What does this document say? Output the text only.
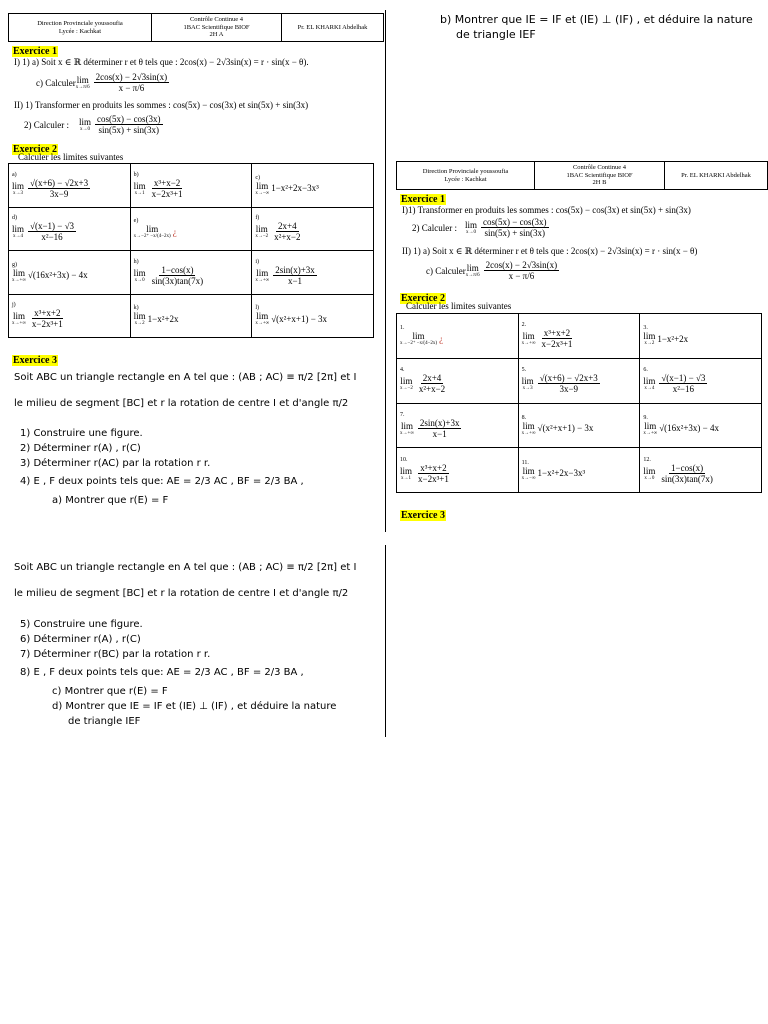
Direction Provinciale youssoufia
Lycée : Kachkat
Contrôle Continue 4
1BAC Scientifique BIOF
2H A
Pr. EL KHARKI Abdelhak
Exercice 1
I) 1) a) Soit x ∈ ℝ déterminer r et θ tels que : 2cos(x) − 2√3sin(x) = r · sin(x − θ).
c) Calculer lim
$x\to\pi/6 \frac{2\cos(x) - 2√3\sin(x)}{x - \pi/6}$
II) 1) Transformer en produits les sommes : cos(5x) − cos(3x) et sin(5x) + sin(3x)
2) Calculer : lim
$x\to 0 \frac{\cos(5x) - \cos(3x)}{\sin(5x) + \sin(3x)}$
Exercice 2
Calculer les limites suivantes
a)
lim
$x\to 3 \frac{√(x+6) - √2x+3}{3x-9}$	b)
lim
$x\to 1 \frac{\text{x³+x−2}}{\text{x−2x³+1}}$	c)
lim
x→−∞ 1−x²+2x−3x³

d)
lim
$x\to 4 \frac{√(x-1) - √3}{\text{x²−16}}$	e)
lim
x→−2⁺ −x/(4−2x) ¿	f)
lim
$x\to-2 \frac{2x+4}{\text{x²+x−2}}$

g)
lim
x→+∞ √(16x²+3x) − 4x	h)
lim
$x\to 0 \frac{1-\cos(x)}{\sin(3x)\tan(7x)}$	i)
lim
$x\to+\infty \frac{2\sin(x)+3x}{x-1}$

j)
lim
$x\to+\infty \frac{\text{x³+x+2}}{\text{x−2x³+1}}$	k)
lim
x→2 1−x²+2x	l)
lim
x→+∞ √(x²+x+1) − 3x
Exercice 3
Soit ABC un triangle rectangle en A tel que : (AB ; AC) ≡ π/2 [2π] et I
le milieu de segment [BC] et r la rotation de centre I et d'angle π/2
1) Construire une figure.
2) Déterminer r(A) , r(C)
3) Déterminer r(AC) par la rotation r r.
4) E , F deux points tels que: AE = 2/3 AC , BF = 2/3 BA ,
a) Montrer que r(E) = F
b) Montrer que IE = IF et (IE) ⊥ (IF) , et déduire la nature
de triangle IEF
Direction Provinciale youssoufia
Lycée : Kachkat
Contrôle Continue 4
1BAC Scientifique BIOF
2H B
Pr. EL KHARKI Abdelhak
Exercice 1
I)1) Transformer en produits les sommes : cos(5x) − cos(3x) et sin(5x) + sin(3x)
2) Calculer : lim
$x\to 0 \frac{\cos(5x) - \cos(3x)}{\sin(5x) + \sin(3x)}$
II) 1) a) Soit x ∈ ℝ déterminer r et θ tels que : 2cos(x) − 2√3sin(x) = r · sin(x − θ)
c) Calculer lim
$x\to\pi/6 \frac{2\cos(x) - 2√3\sin(x)}{x - \pi/6}$
Exercice 2
Calculer les limites suivantes
1.
lim
x→−2⁺ −x/(4−2x) ¿	2.
lim
$x\to+\infty \frac{\text{x³+x+2}}{\text{x−2x³+1}}$	3.
lim
x→2 1−x²+2x

4.
lim
$x\to-2 \frac{2x+4}{\text{x²+x−2}}$	5.
lim
$x\to 3 \frac{√(x+6) - √2x+3}{3x-9}$	6.
lim
$x\to 4 \frac{√(x-1) - √3}{\text{x²−16}}$

7.
lim
$x\to+\infty \frac{2\sin(x)+3x}{x-1}$	8.
lim
x→+∞ √(x²+x+1) − 3x	9.
lim
x→+∞ √(16x²+3x) − 4x

10.
lim
$x\to 1 \frac{\text{x³+x+2}}{\text{x−2x³+1}}$	11.
lim
x→−∞ 1−x²+2x−3x³	12.
lim
$x\to 0 \frac{1-\cos(x)}{\sin(3x)\tan(7x)}$
Exercice 3
Soit ABC un triangle rectangle en A tel que : (AB ; AC) ≡ π/2 [2π] et I
le milieu de segment [BC] et r la rotation de centre I et d'angle π/2
5) Construire une figure.
6) Déterminer r(A) , r(C)
7) Déterminer r(BC) par la rotation r r.
8) E , F deux points tels que: AE = 2/3 AC , BF = 2/3 BA ,
c) Montrer que r(E) = F
d) Montrer que IE = IF et (IE) ⊥ (IF) , et déduire la nature
de triangle IEF
